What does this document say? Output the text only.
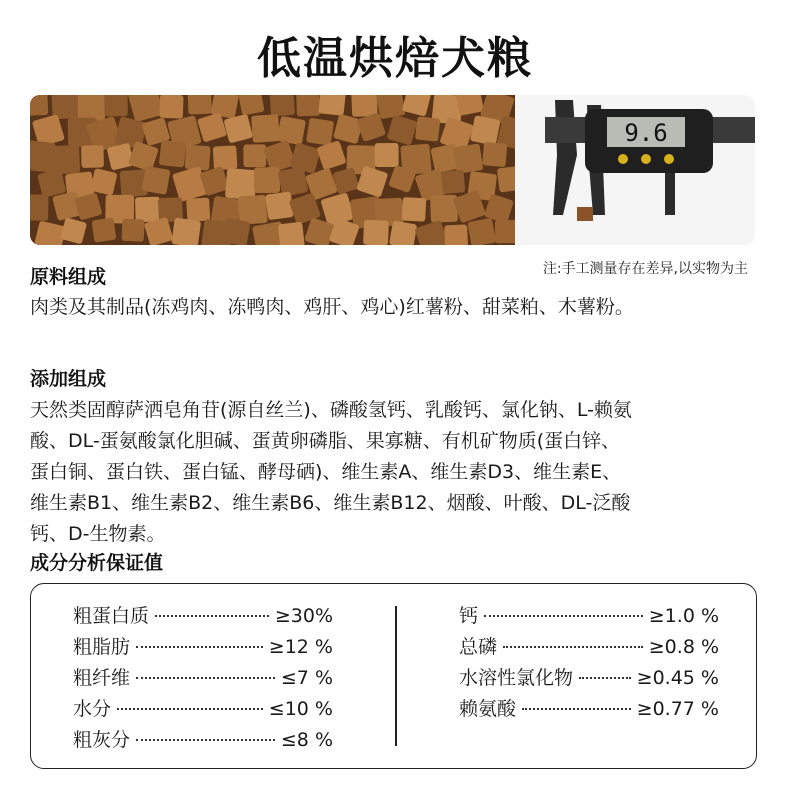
低温烘焙犬粮
9.6
注:手工测量存在差异,以实物为主
原料组成
肉类及其制品(冻鸡肉、冻鸭肉、鸡肝、鸡心)红薯粉、甜菜粕、木薯粉。
添加组成
天然类固醇萨洒皂角苷(源自丝兰)、磷酸氢钙、乳酸钙、氯化钠、L-赖氨
酸、DL-蛋氨酸氯化胆碱、蛋黄卵磷脂、果寡糖、有机矿物质(蛋白锌、
蛋白铜、蛋白铁、蛋白锰、酵母硒)、维生素A、维生素D3、维生素E、
维生素B1、维生素B2、维生素B6、维生素B12、烟酸、叶酸、DL-泛酸
钙、D-生物素。
成分分析保证值
粗蛋白质	≥30%
粗脂肪	≥12 %
粗纤维	≤7 %
水分	≤10 %
粗灰分	≤8 %
钙	≥1.0 %
总磷	≥0.8 %
水溶性氯化物	≥0.45 %
赖氨酸	≥0.77 %
